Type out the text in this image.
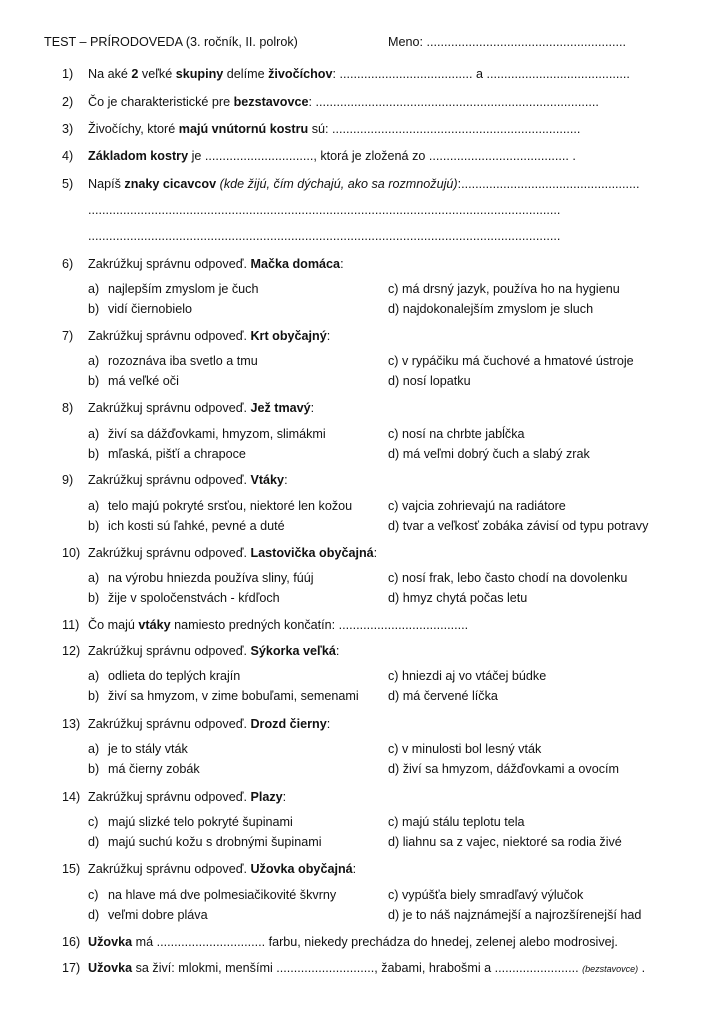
TEST – PRÍRODOVEDA (3. ročník, II. polrok)	Meno: .........................................................
1) Na aké 2 veľké skupiny delíme živočíchov: ...................................... a .........................................
2) Čo je charakteristické pre bezstavovce: .................................................................................
3) Živočíchy, ktoré majú vnútornú kostru sú: .......................................................................
4) Základom kostry je ..............................., ktorá je zložená zo ........................................ .
5) Napíš znaky cicavcov (kde žijú, čím dýchajú, ako sa rozmnožujú):...................................................
.......................................................................................................................................
.......................................................................................................................................
6) Zakrúžkuj správnu odpoveď. Mačka domáca:
a) najlepším zmyslom je čuch
b) vidí čiernobielo
c) má drsný jazyk, používa ho na hygienu
d) najdokonalejším zmyslom je sluch
7) Zakrúžkuj správnu odpoveď. Krt obyčajný:
a) rozoznáva iba svetlo a tmu
b) má veľké oči
c) v rypáčiku má čuchové a hmatové ústroje
d) nosí lopatku
8) Zakrúžkuj správnu odpoveď. Jež tmavý:
a) živí sa dážďovkami, hmyzom, slimákmi
b) mľaská, pišťí a chrapoce
c) nosí na chrbte jabĺčka
d) má veľmi dobrý čuch a slabý zrak
9) Zakrúžkuj správnu odpoveď. Vtáky:
a) telo majú pokryté srsťou, niektoré len kožou
b) ich kosti sú ľahké, pevné a duté
c) vajcia zohrievajú na radiátore
d) tvar a veľkosť zobáka závisí od typu potravy
10) Zakrúžkuj správnu odpoveď. Lastovička obyčajná:
a) na výrobu hniezda používa sliny, fúúj
b) žije v spoločenstvách - kŕdľoch
c) nosí frak, lebo často chodí na dovolenku
d) hmyz chytá počas letu
11) Čo majú vtáky namiesto predných končatín: .....................................
12) Zakrúžkuj správnu odpoveď. Sýkorka veľká:
a) odlieta do teplých krajín
b) živí sa hmyzom, v zime bobuľami, semenami
c) hniezdi aj vo vtáčej búdke
d) má červené líčka
13) Zakrúžkuj správnu odpoveď. Drozd čierny:
a) je to stály vták
b) má čierny zobák
c) v minulosti bol lesný vták
d) živí sa hmyzom, dážďovkami a ovocím
14) Zakrúžkuj správnu odpoveď. Plazy:
c) majú slizké telo pokryté šupinami
d) majú suchú kožu s drobnými šupinami
c) majú stálu teplotu tela
d) liahnu sa z vajec, niektoré sa rodia živé
15) Zakrúžkuj správnu odpoveď. Užovka obyčajná:
c) na hlave má dve polmesiačikovité škvrny
d) veľmi dobre pláva
c) vypúšťa biely smradľavý výlučok
d) je to náš najznámejší a najrozšírenejší had
16) Užovka má ............................... farbu, niekedy prechádza do hnedej, zelenej alebo modrosivej.
17) Užovka sa živí: mlokmi, menšími ............................, žabami, hrabošmi a ........................ (bezstavovce) .
